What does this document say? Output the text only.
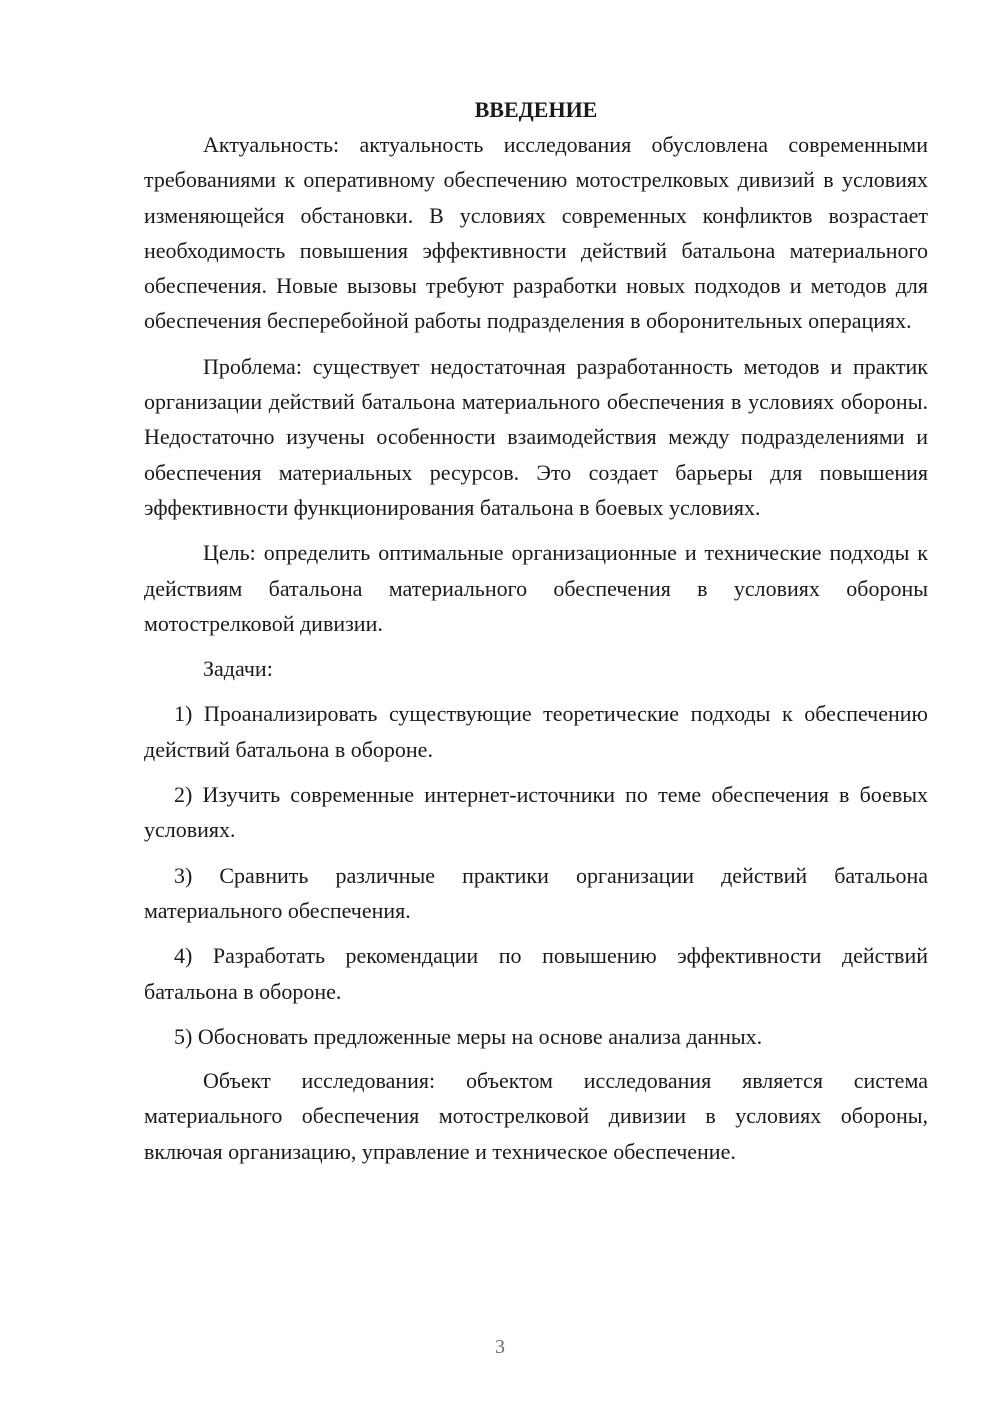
ВВЕДЕНИЕ

Актуальность: актуальность исследования обусловлена современными требованиями к оперативному обеспечению мотострелковых дивизий в условиях изменяющейся обстановки. В условиях современных конфликтов возрастает необходимость повышения эффективности действий батальона материального обеспечения. Новые вызовы требуют разработки новых подходов и методов для обеспечения бесперебойной работы подразделения в оборонительных операциях.

Проблема: существует недостаточная разработанность методов и практик организации действий батальона материального обеспечения в условиях обороны. Недостаточно изучены особенности взаимодействия между подразделениями и обеспечения материальных ресурсов. Это создает барьеры для повышения эффективности функционирования батальона в боевых условиях.

Цель: определить оптимальные организационные и технические подходы к действиям батальона материального обеспечения в условиях обороны мотострелковой дивизии.

Задачи:

1) Проанализировать существующие теоретические подходы к обеспечению действий батальона в обороне.

2) Изучить современные интернет-источники по теме обеспечения в боевых условиях.

3) Сравнить различные практики организации действий батальона материального обеспечения.

4) Разработать рекомендации по повышению эффективности действий батальона в обороне.

5) Обосновать предложенные меры на основе анализа данных.

Объект исследования: объектом исследования является система материального обеспечения мотострелковой дивизии в условиях обороны, включая организацию, управление и техническое обеспечение.

3
